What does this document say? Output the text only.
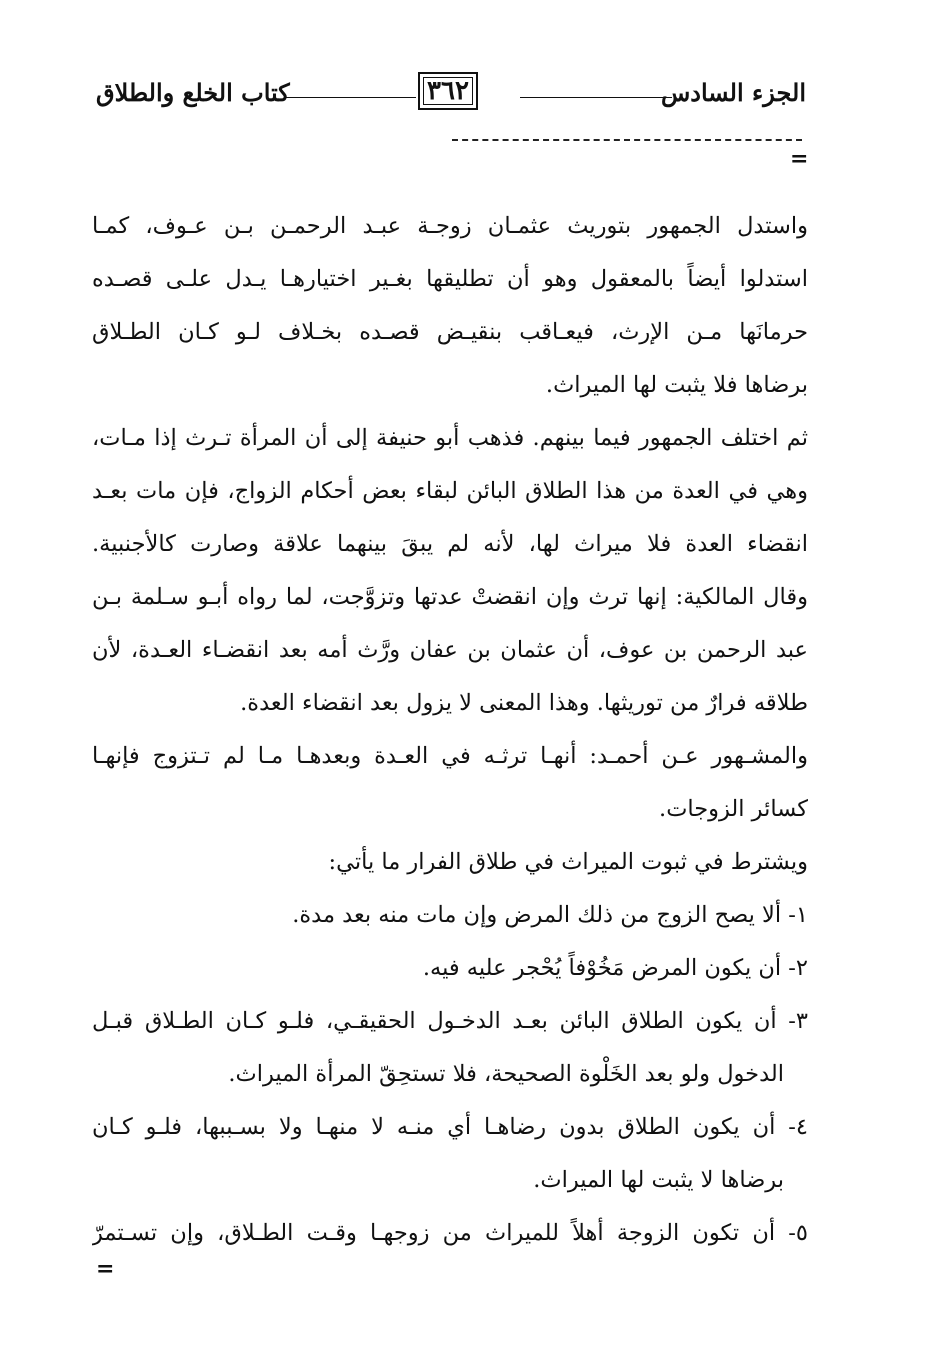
الجزء السادس
٣٦٢
كتاب الخلع والطلاق
=
واستدل الجمهور بتوريث عثمـان زوجـة عبـد الرحمـن بـن عـوف، كمـا
استدلوا أيضاً بالمعقول وهو أن تطليقها بغـير اختيارهـا يـدل علـى قصـده
حرمانَها مـن الإرث، فيعـاقب بنقيـض قصـده بخـلاف لـو كـان الطـلاق
برضاها فلا يثبت لها الميراث.
ثم اختلف الجمهور فيما بينهم. فذهب أبو حنيفة إلى أن المرأة تـرث إذا مـات،
وهي في العدة من هذا الطلاق البائن لبقاء بعض أحكام الزواج، فإن مات بعـد
انقضاء العدة فلا ميراث لها، لأنه لم يبقَ بينهما علاقة وصارت كالأجنبية.
وقال المالكية: إنها ترث وإن انقضتْ عدتها وتزوَّجت، لما رواه أبـو سـلمة بـن
عبد الرحمن بن عوف، أن عثمان بن عفان ورَّث أمه بعد انقضـاء العـدة، لأن
طلاقه فرارٌ من توريثها. وهذا المعنى لا يزول بعد انقضاء العدة.
والمشـهور عـن أحمـد: أنهـا ترثـه في العـدة وبعدهـا مـا لم تـتزوج فإنهـا
كسائر الزوجات.
ويشترط في ثبوت الميراث في طلاق الفرار ما يأتي:
١- ألا يصح الزوج من ذلك المرض وإن مات منه بعد مدة.
٢- أن يكون المرض مَخُوْفاً يُحْجر عليه فيه.
٣- أن يكون الطلاق البائن بعـد الدخـول الحقيقـي، فلـو كـان الطـلاق قبـل
الدخول ولو بعد الخَلْوة الصحيحة، فلا تستحِقّ المرأة الميراث.
٤- أن يكون الطلاق بدون رضاهـا أي منـه لا منهـا ولا بسـببها، فلـو كـان
برضاها لا يثبت لها الميراث.
٥- أن تكون الزوجة أهلاً للميراث من زوجهـا وقـت الطـلاق، وإن تسـتمرّ
=
